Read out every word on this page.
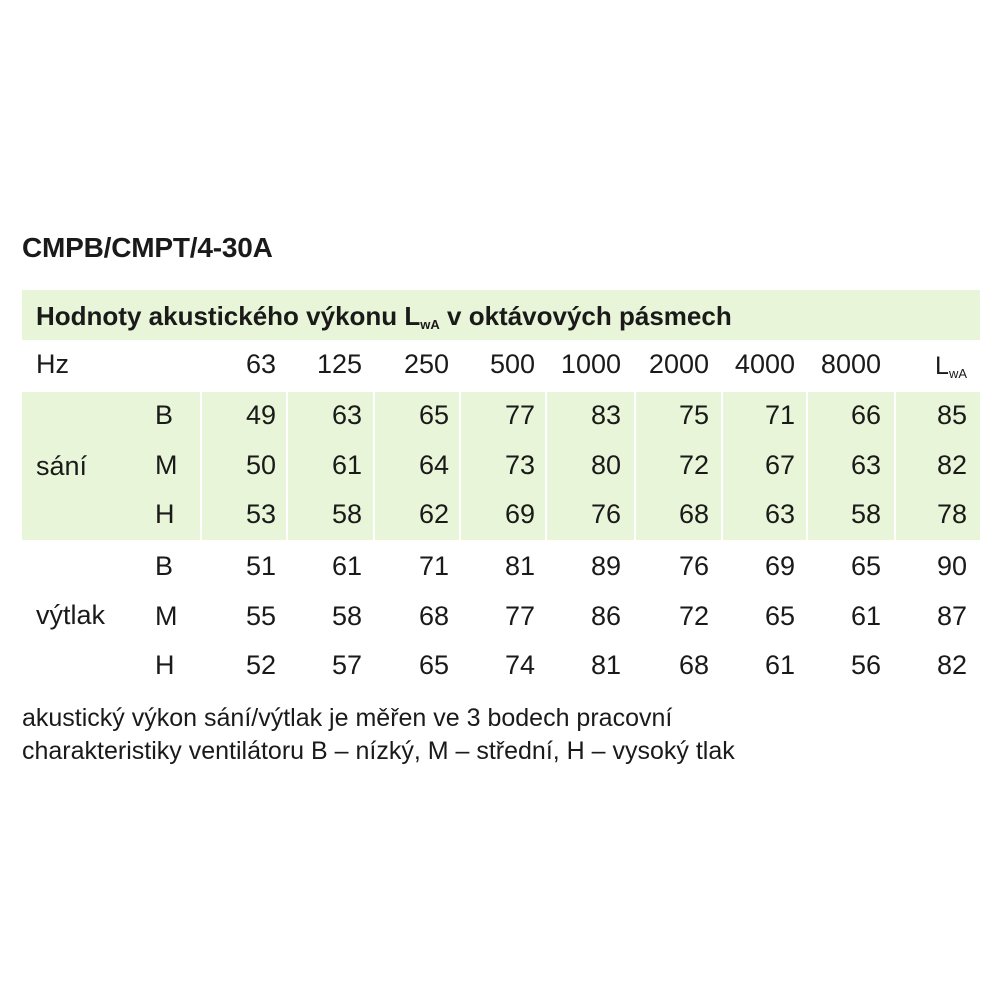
CMPB/CMPT/4-30A
Hodnoty akustického výkonu $L_{wA}$ v oktávových pásmech
Hz	63 125 250 500 1000 2000 4000 8000 $L_{wA}$
sání
B	49 63 65 77 83 75 71 66 85
M	50 61 64 73 80 72 67 63 82
H	53 58 62 69 76 68 63 58 78
výtlak
B	51 61 71 81 89 76 69 65 90
M	55 58 68 77 86 72 65 61 87
H	52 57 65 74 81 68 61 56 82
akustický výkon sání/výtlak je měřen ve 3 bodech pracovní
charakteristiky ventilátoru B – nízký, M – střední, H – vysoký tlak
